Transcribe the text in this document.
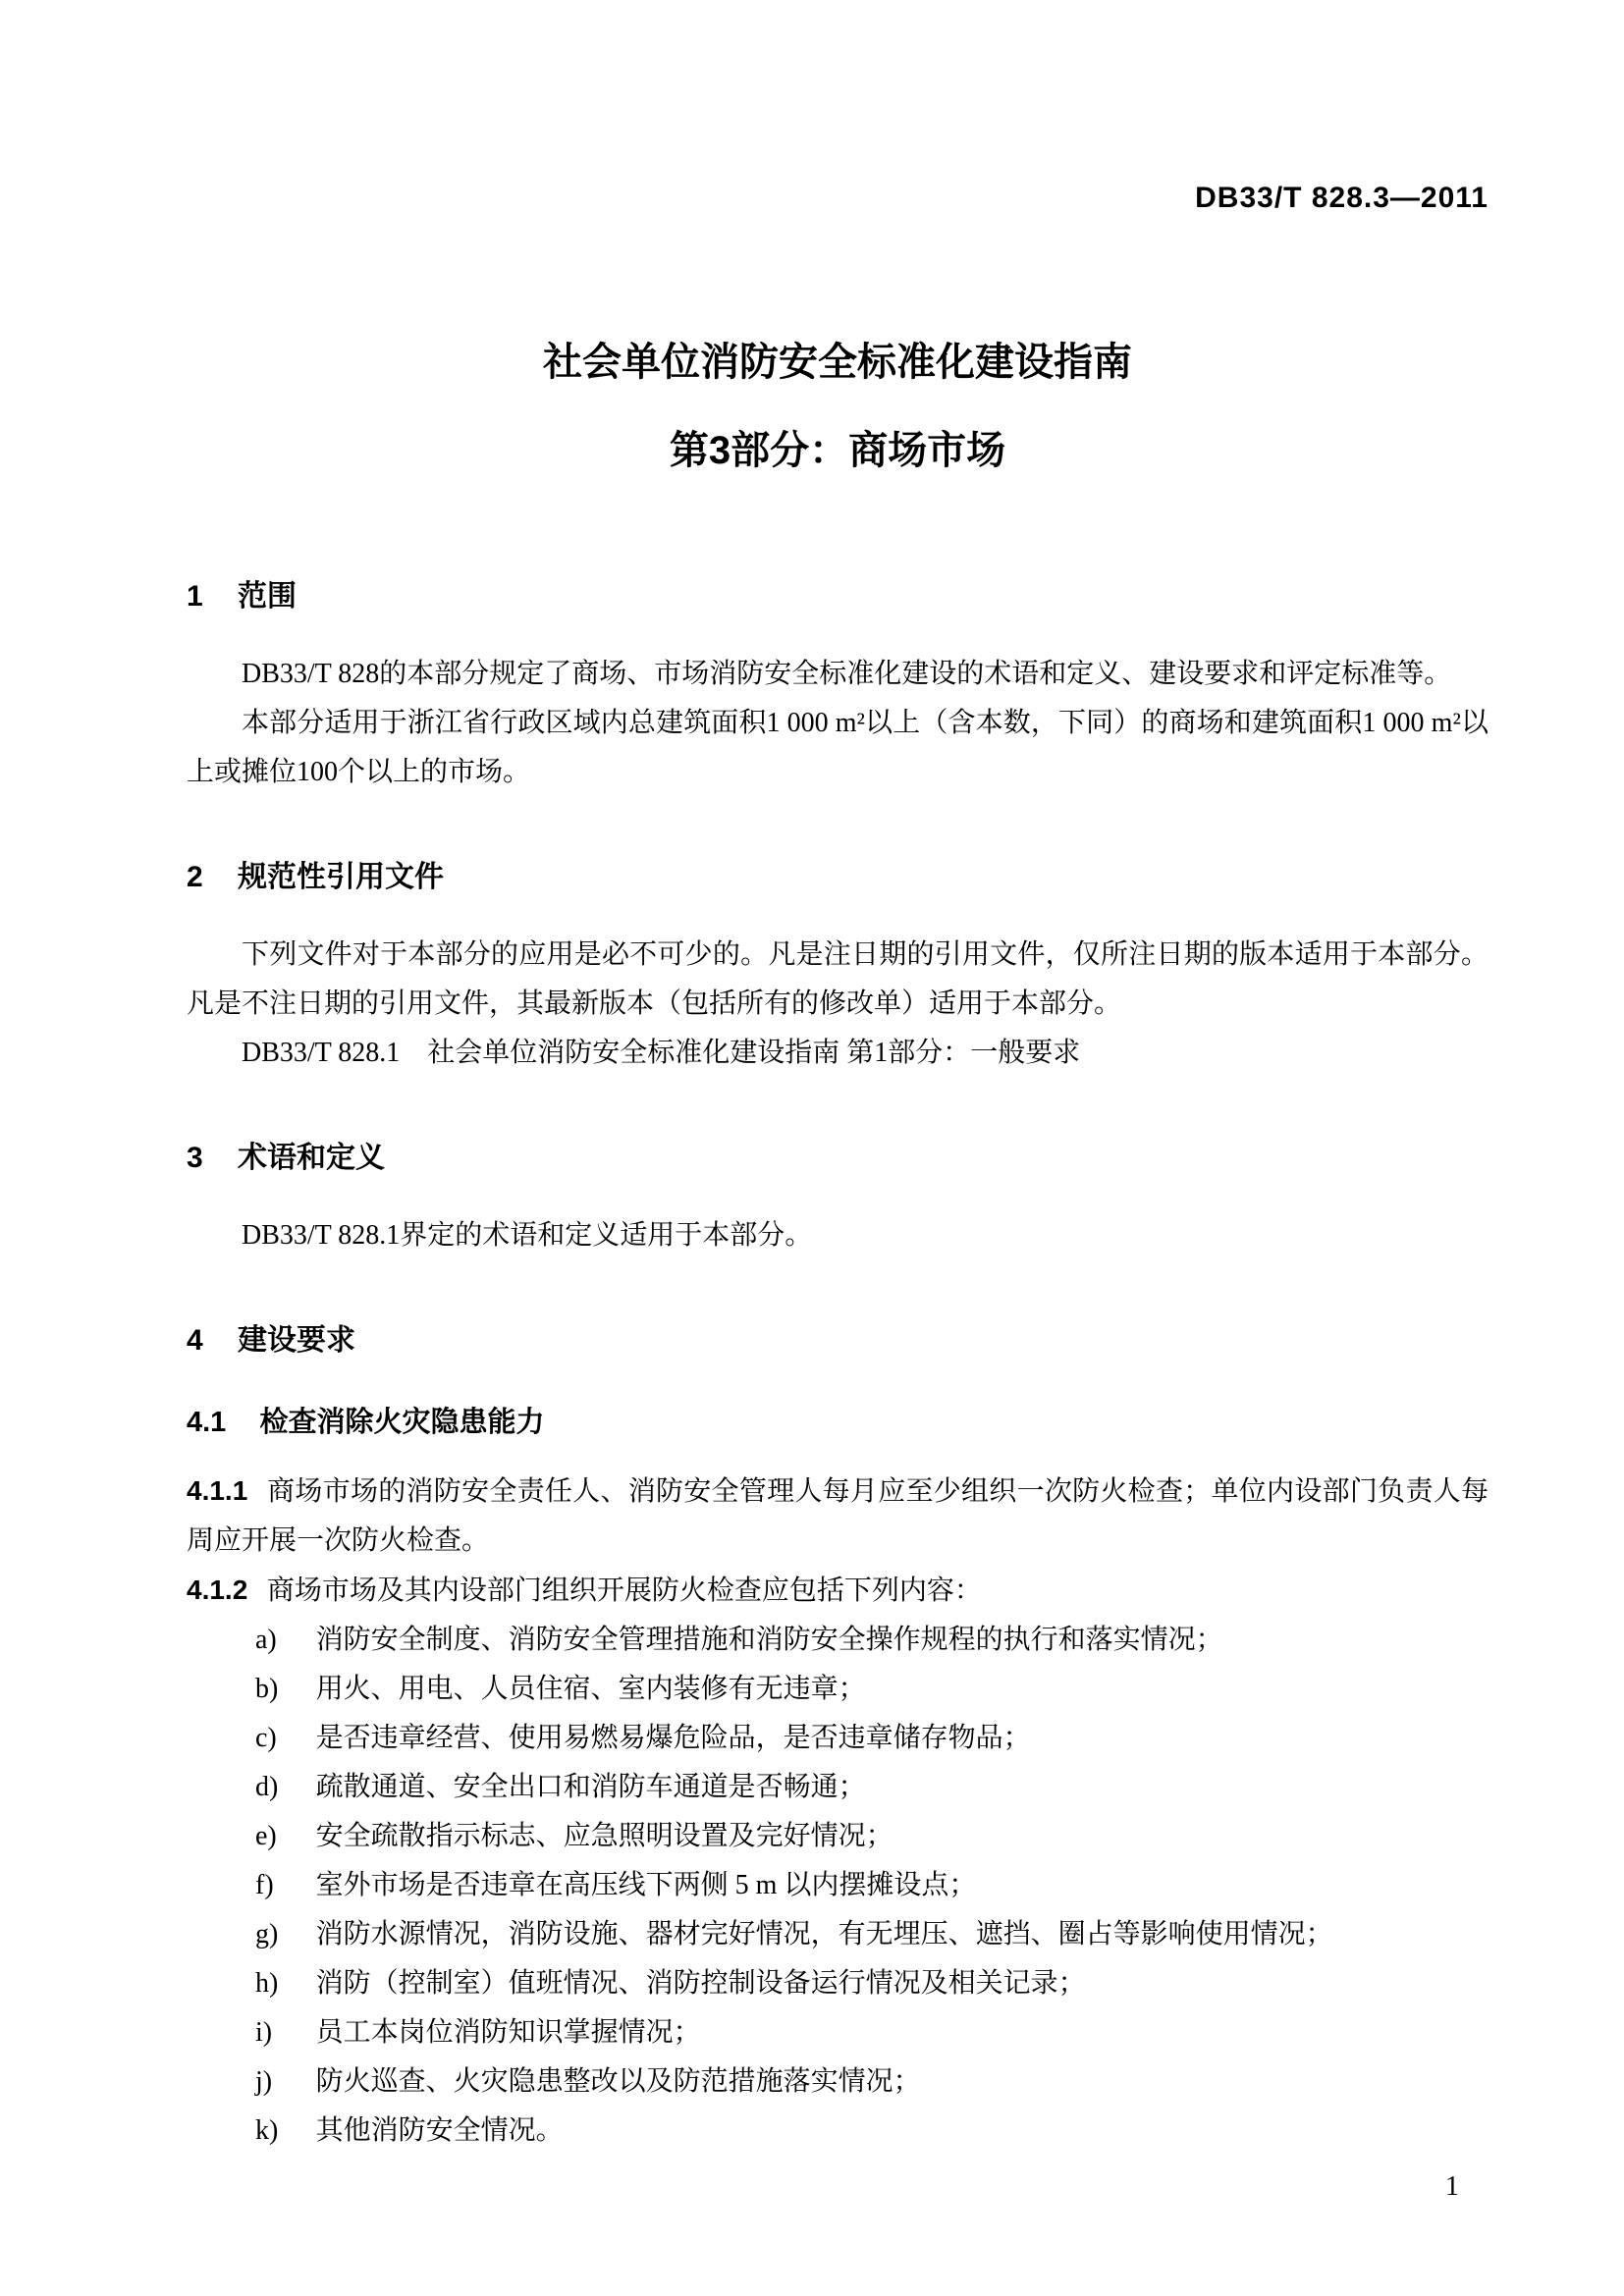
DB33/T 828.3—2011
社会单位消防安全标准化建设指南
第3部分：商场市场
1 范围

DB33/T 828的本部分规定了商场、市场消防安全标准化建设的术语和定义、建设要求和评定标准等。

本部分适用于浙江省行政区域内总建筑面积1 000 m²以上（含本数，下同）的商场和建筑面积1 000 m²以上或摊位100个以上的市场。

2 规范性引用文件

下列文件对于本部分的应用是必不可少的。凡是注日期的引用文件，仅所注日期的版本适用于本部分。凡是不注日期的引用文件，其最新版本（包括所有的修改单）适用于本部分。

DB33/T 828.1　社会单位消防安全标准化建设指南 第1部分：一般要求

3 术语和定义

DB33/T 828.1界定的术语和定义适用于本部分。

4 建设要求
4.1 检查消除火灾隐患能力

4.1.1 商场市场的消防安全责任人、消防安全管理人每月应至少组织一次防火检查；单位内设部门负责人每周应开展一次防火检查。

4.1.2 商场市场及其内设部门组织开展防火检查应包括下列内容：

a) 消防安全制度、消防安全管理措施和消防安全操作规程的执行和落实情况；
b) 用火、用电、人员住宿、室内装修有无违章；
c) 是否违章经营、使用易燃易爆危险品，是否违章储存物品；
d) 疏散通道、安全出口和消防车通道是否畅通；
e) 安全疏散指示标志、应急照明设置及完好情况；
f) 室外市场是否违章在高压线下两侧 5 m 以内摆摊设点；
g) 消防水源情况，消防设施、器材完好情况，有无埋压、遮挡、圈占等影响使用情况；
h) 消防（控制室）值班情况、消防控制设备运行情况及相关记录；
i) 员工本岗位消防知识掌握情况；
j) 防火巡查、火灾隐患整改以及防范措施落实情况；
k) 其他消防安全情况。
1
